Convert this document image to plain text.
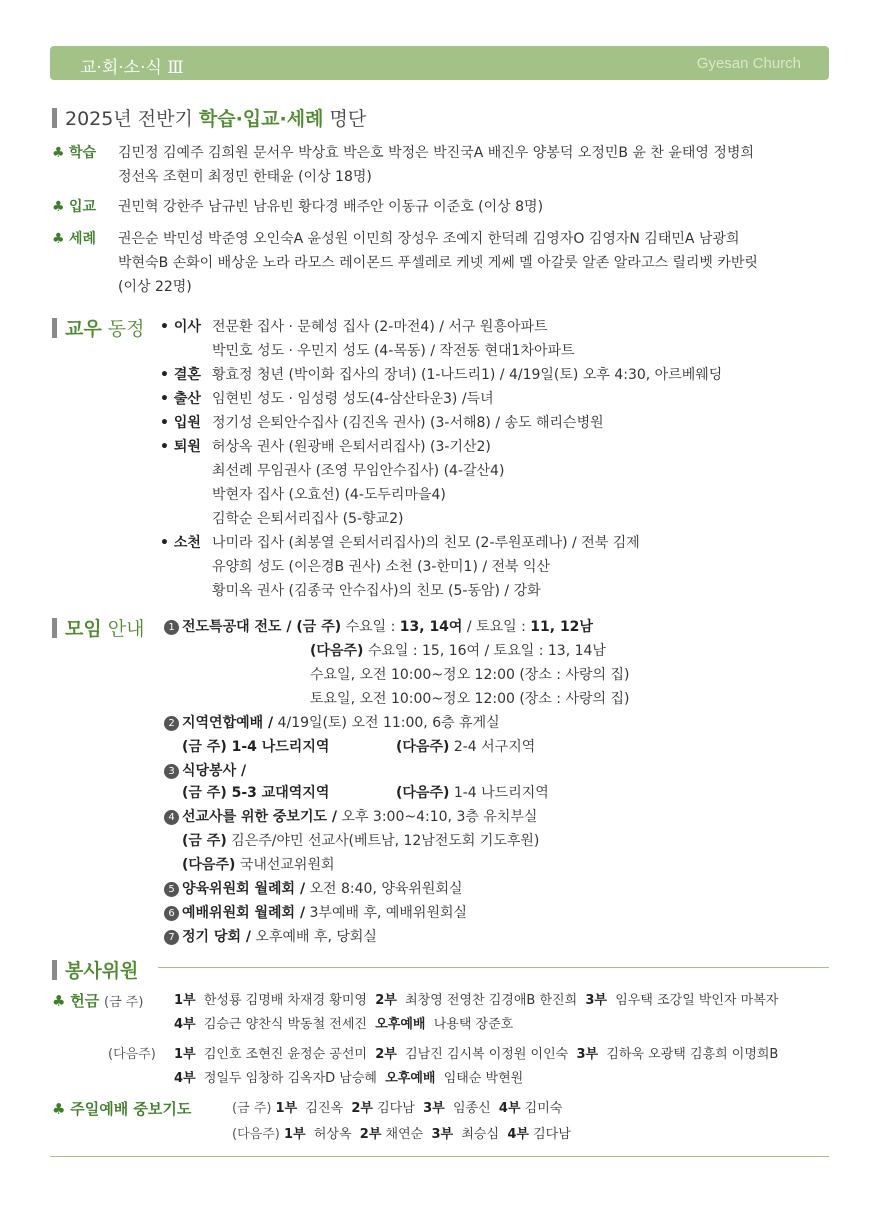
교·회·소·식 Ⅲ	Gyesan Church
2025년 전반기 학습·입교·세례 명단
♣ 학습 김민정 김예주 김희원 문서우 박상효 박은호 박정은 박진국A 배진우 양봉덕 오정민B 윤 찬 윤태영 정병희
정선옥 조현미 최정민 한태윤 (이상 18명)
♣ 입교 권민혁 강한주 남규빈 남유빈 황다경 배주안 이동규 이준호 (이상 8명)
♣ 세례 권은순 박민성 박준영 오인숙A 윤성원 이민희 장성우 조예지 한덕례 김영자O 김영자N 김태민A 남광희
박현숙B 손화이 배상운 노라 라모스 레이몬드 푸셀레로 케넷 게쎄 멜 아갈룻 알존 알라고스 릴리벳 카반릿
(이상 22명)
교우 동정 • 이사 전문환 집사 · 문혜성 집사 (2-마전4) / 서구 원흥아파트
박민호 성도 · 우민지 성도 (4-목동) / 작전동 현대1차아파트
• 결혼 황효정 청년 (박이화 집사의 장녀) (1-나드리1) / 4/19일(토) 오후 4:30, 아르베웨딩
• 출산 임현빈 성도 · 임성령 성도(4-삼산타운3) /득녀
• 입원 정기성 은퇴안수집사 (김진옥 권사) (3-서해8) / 송도 해리슨병원
• 퇴원 허상옥 권사 (원광배 은퇴서리집사) (3-기산2)
최선례 무임권사 (조영 무임안수집사) (4-갈산4)
박현자 집사 (오효선) (4-도두리마을4)
김학순 은퇴서리집사 (5-향교2)
• 소천 나미라 집사 (최봉열 은퇴서리집사)의 친모 (2-루원포레나) / 전북 김제
유양희 성도 (이은경B 권사) 소천 (3-한미1) / 전북 익산
황미옥 권사 (김종국 안수집사)의 친모 (5-동암) / 강화
모임 안내	1 전도특공대 전도 / (금 주) 수요일 : 13, 14여 / 토요일 : 11, 12남
(다음주) 수요일 : 15, 16여 / 토요일 : 13, 14남
수요일, 오전 10:00~정오 12:00 (장소 : 사랑의 집)
토요일, 오전 10:00~정오 12:00 (장소 : 사랑의 집)
2 지역연합예배 / 4/19일(토) 오전 11:00, 6층 휴게실
(금 주) 1-4 나드리지역	(다음주) 2-4 서구지역
3 식당봉사 /
(금 주) 5-3 교대역지역	(다음주) 1-4 나드리지역
4 선교사를 위한 중보기도 / 오후 3:00~4:10, 3층 유치부실
(금 주) 김은주/야민 선교사(베트남, 12남전도회 기도후원)
(다음주) 국내선교위원회
5 양육위원회 월례회 / 오전 8:40, 양육위원회실
6 예배위원회 월례회 / 3부예배 후, 예배위원회실
7 정기 당회 / 오후예배 후, 당회실
봉사위원
♣ 헌금 (금 주) 1부 한성룡 김명배 차재경 황미영 2부 최창영 전영찬 김경애B 한진희 3부 임우택 조강일 박인자 마복자
4부 김승근 양찬식 박동철 전세진 오후예배 나용택 장준호
(다음주) 1부 김인호 조현진 윤정순 공선미 2부 김남진 김시복 이정원 이인숙 3부 김하욱 오광택 김흥희 이명희B
4부 정일두 임창하 김옥자D 남승혜 오후예배 임태순 박현원
♣ 주일예배 중보기도	(금 주) 1부 김진옥 2부 김다남 3부 임종신 4부 김미숙
(다음주) 1부 허상옥 2부 채연순 3부 최승심 4부 김다남
